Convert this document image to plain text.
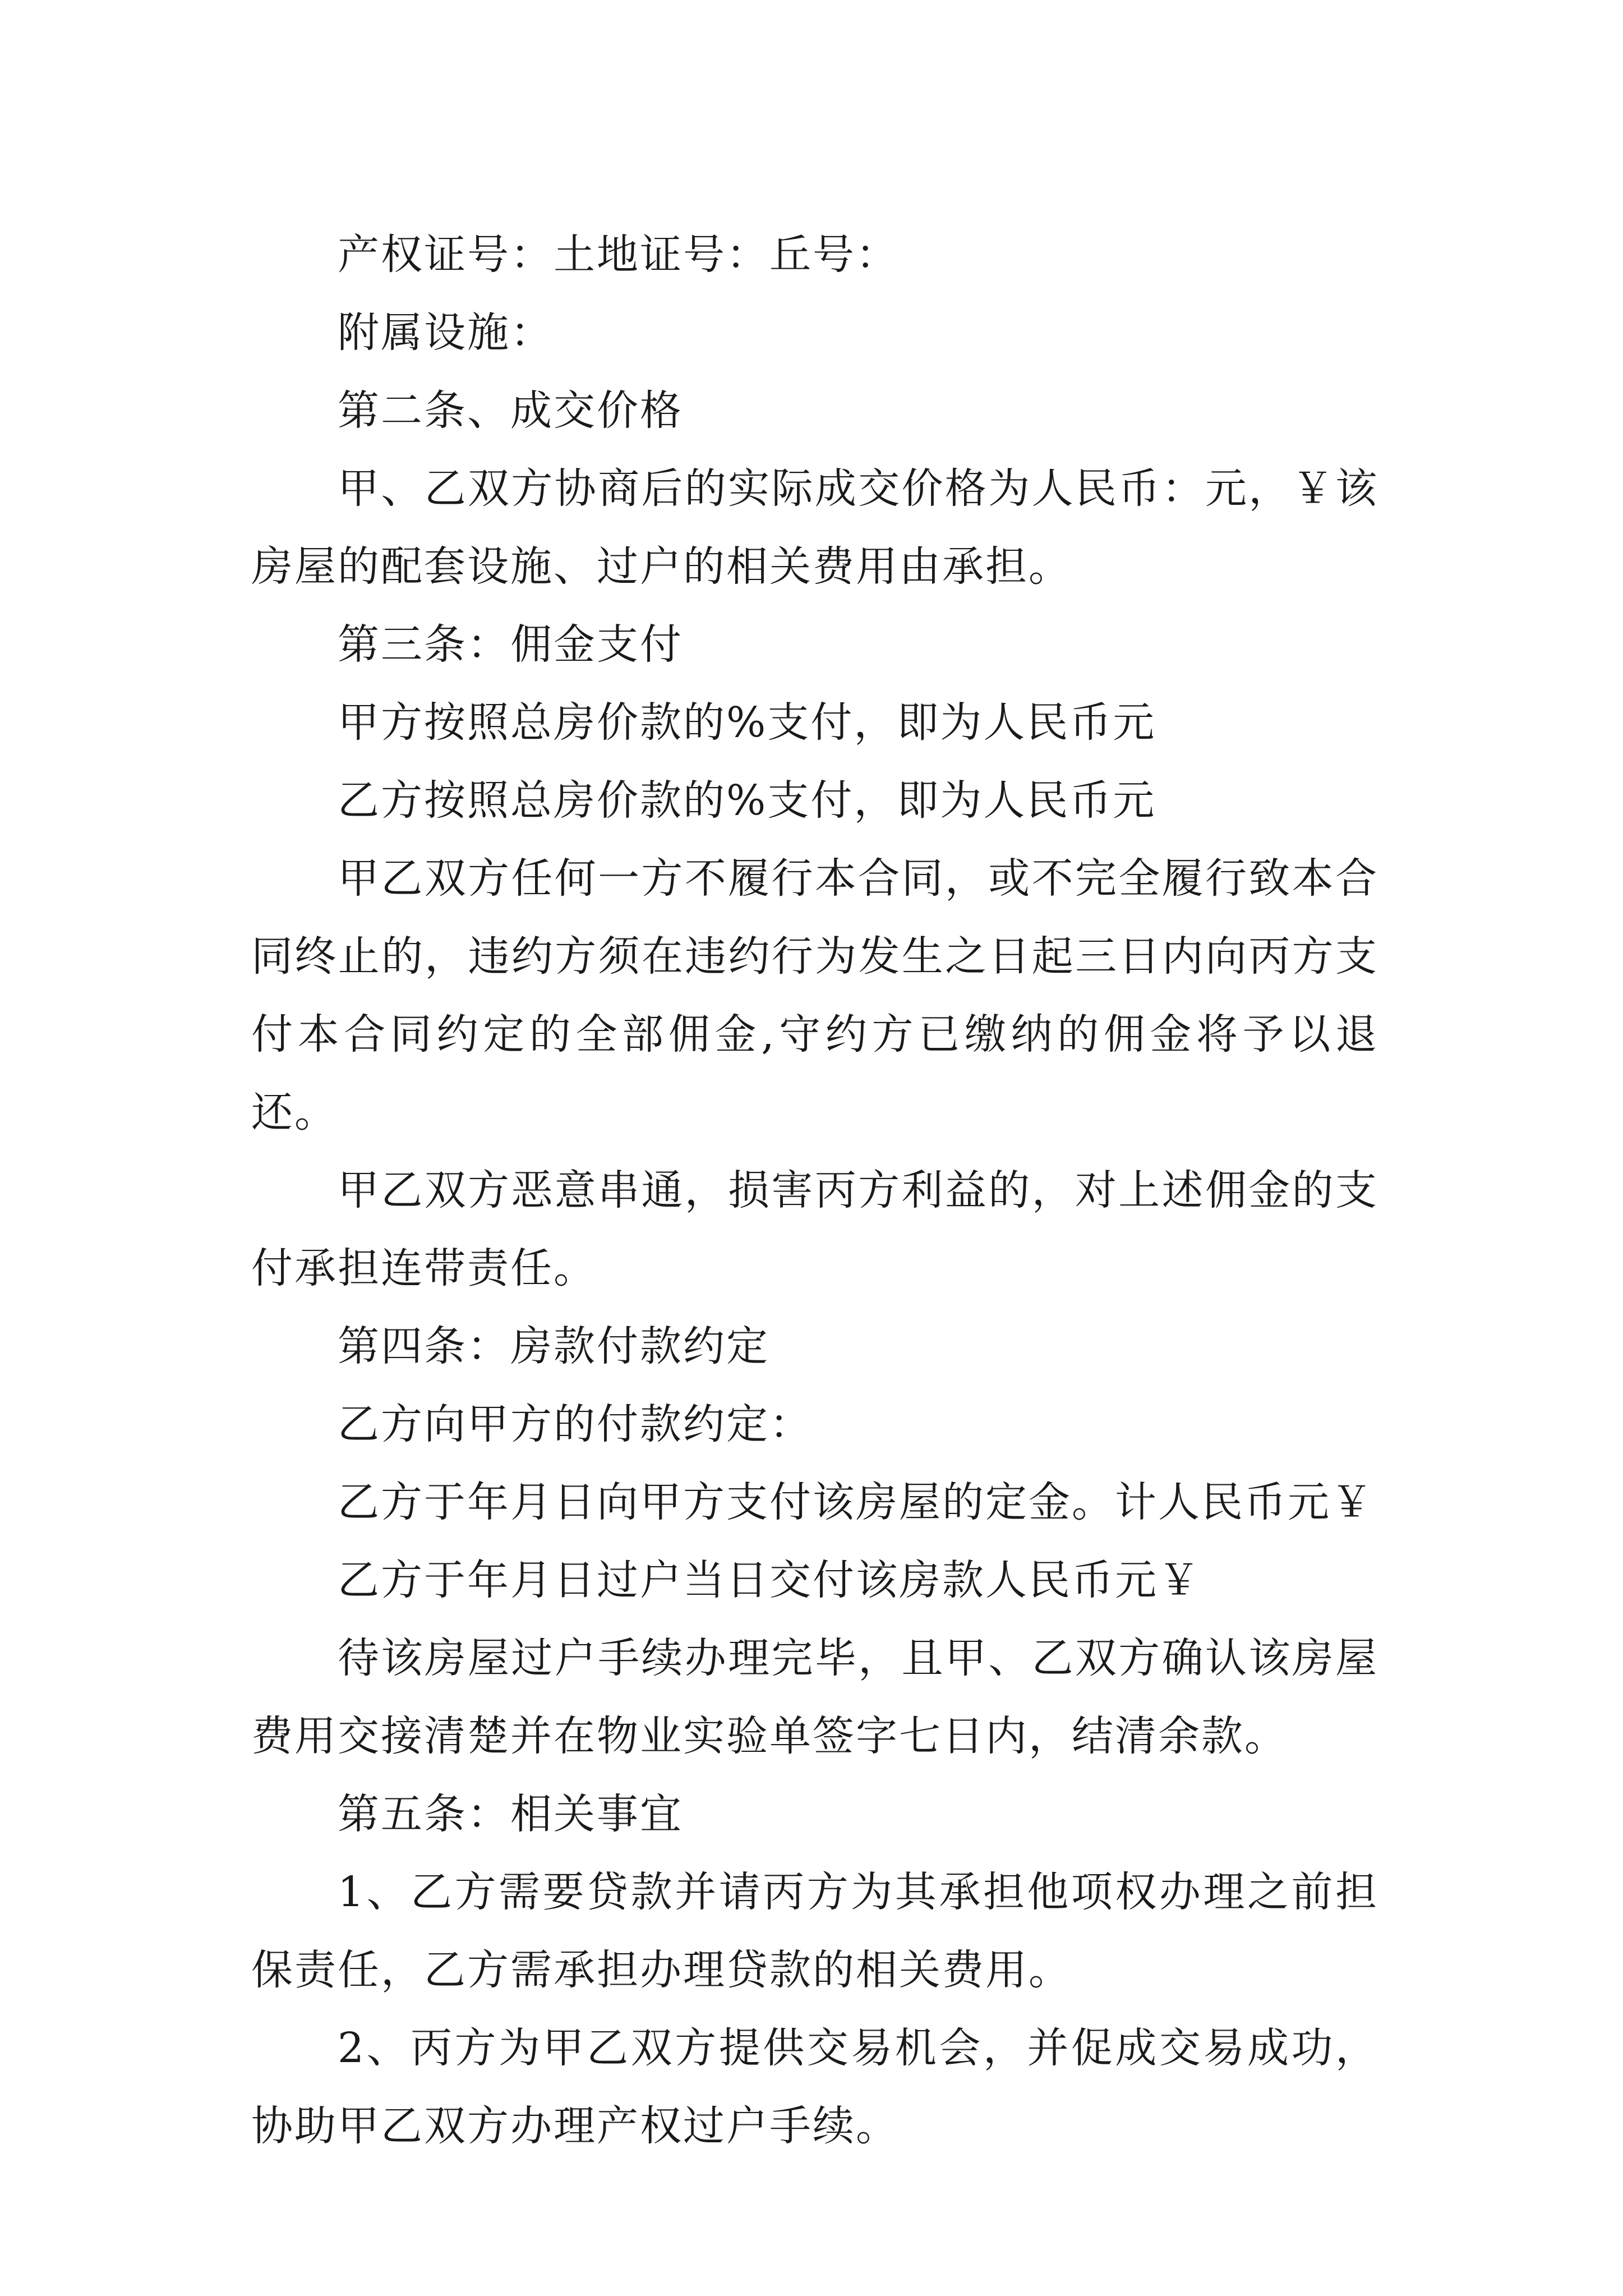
产权证号：土地证号：丘号：

附属设施：

第二条、成交价格

甲、乙双方协商后的实际成交价格为人民币：元，￥该房屋的配套设施、过户的相关费用由承担。

第三条：佣金支付

甲方按照总房价款的%支付，即为人民币元

乙方按照总房价款的%支付，即为人民币元

甲乙双方任何一方不履行本合同，或不完全履行致本合同终止的，违约方须在违约行为发生之日起三日内向丙方支付本合同约定的全部佣金,守约方已缴纳的佣金将予以退还。

甲乙双方恶意串通，损害丙方利益的，对上述佣金的支付承担连带责任。

第四条：房款付款约定

乙方向甲方的付款约定：

乙方于年月日向甲方支付该房屋的定金。计人民币元￥

乙方于年月日过户当日交付该房款人民币元￥

待该房屋过户手续办理完毕，且甲、乙双方确认该房屋费用交接清楚并在物业实验单签字七日内，结清余款。

第五条：相关事宜

1、乙方需要贷款并请丙方为其承担他项权办理之前担保责任，乙方需承担办理贷款的相关费用。

2、丙方为甲乙双方提供交易机会，并促成交易成功，协助甲乙双方办理产权过户手续。
